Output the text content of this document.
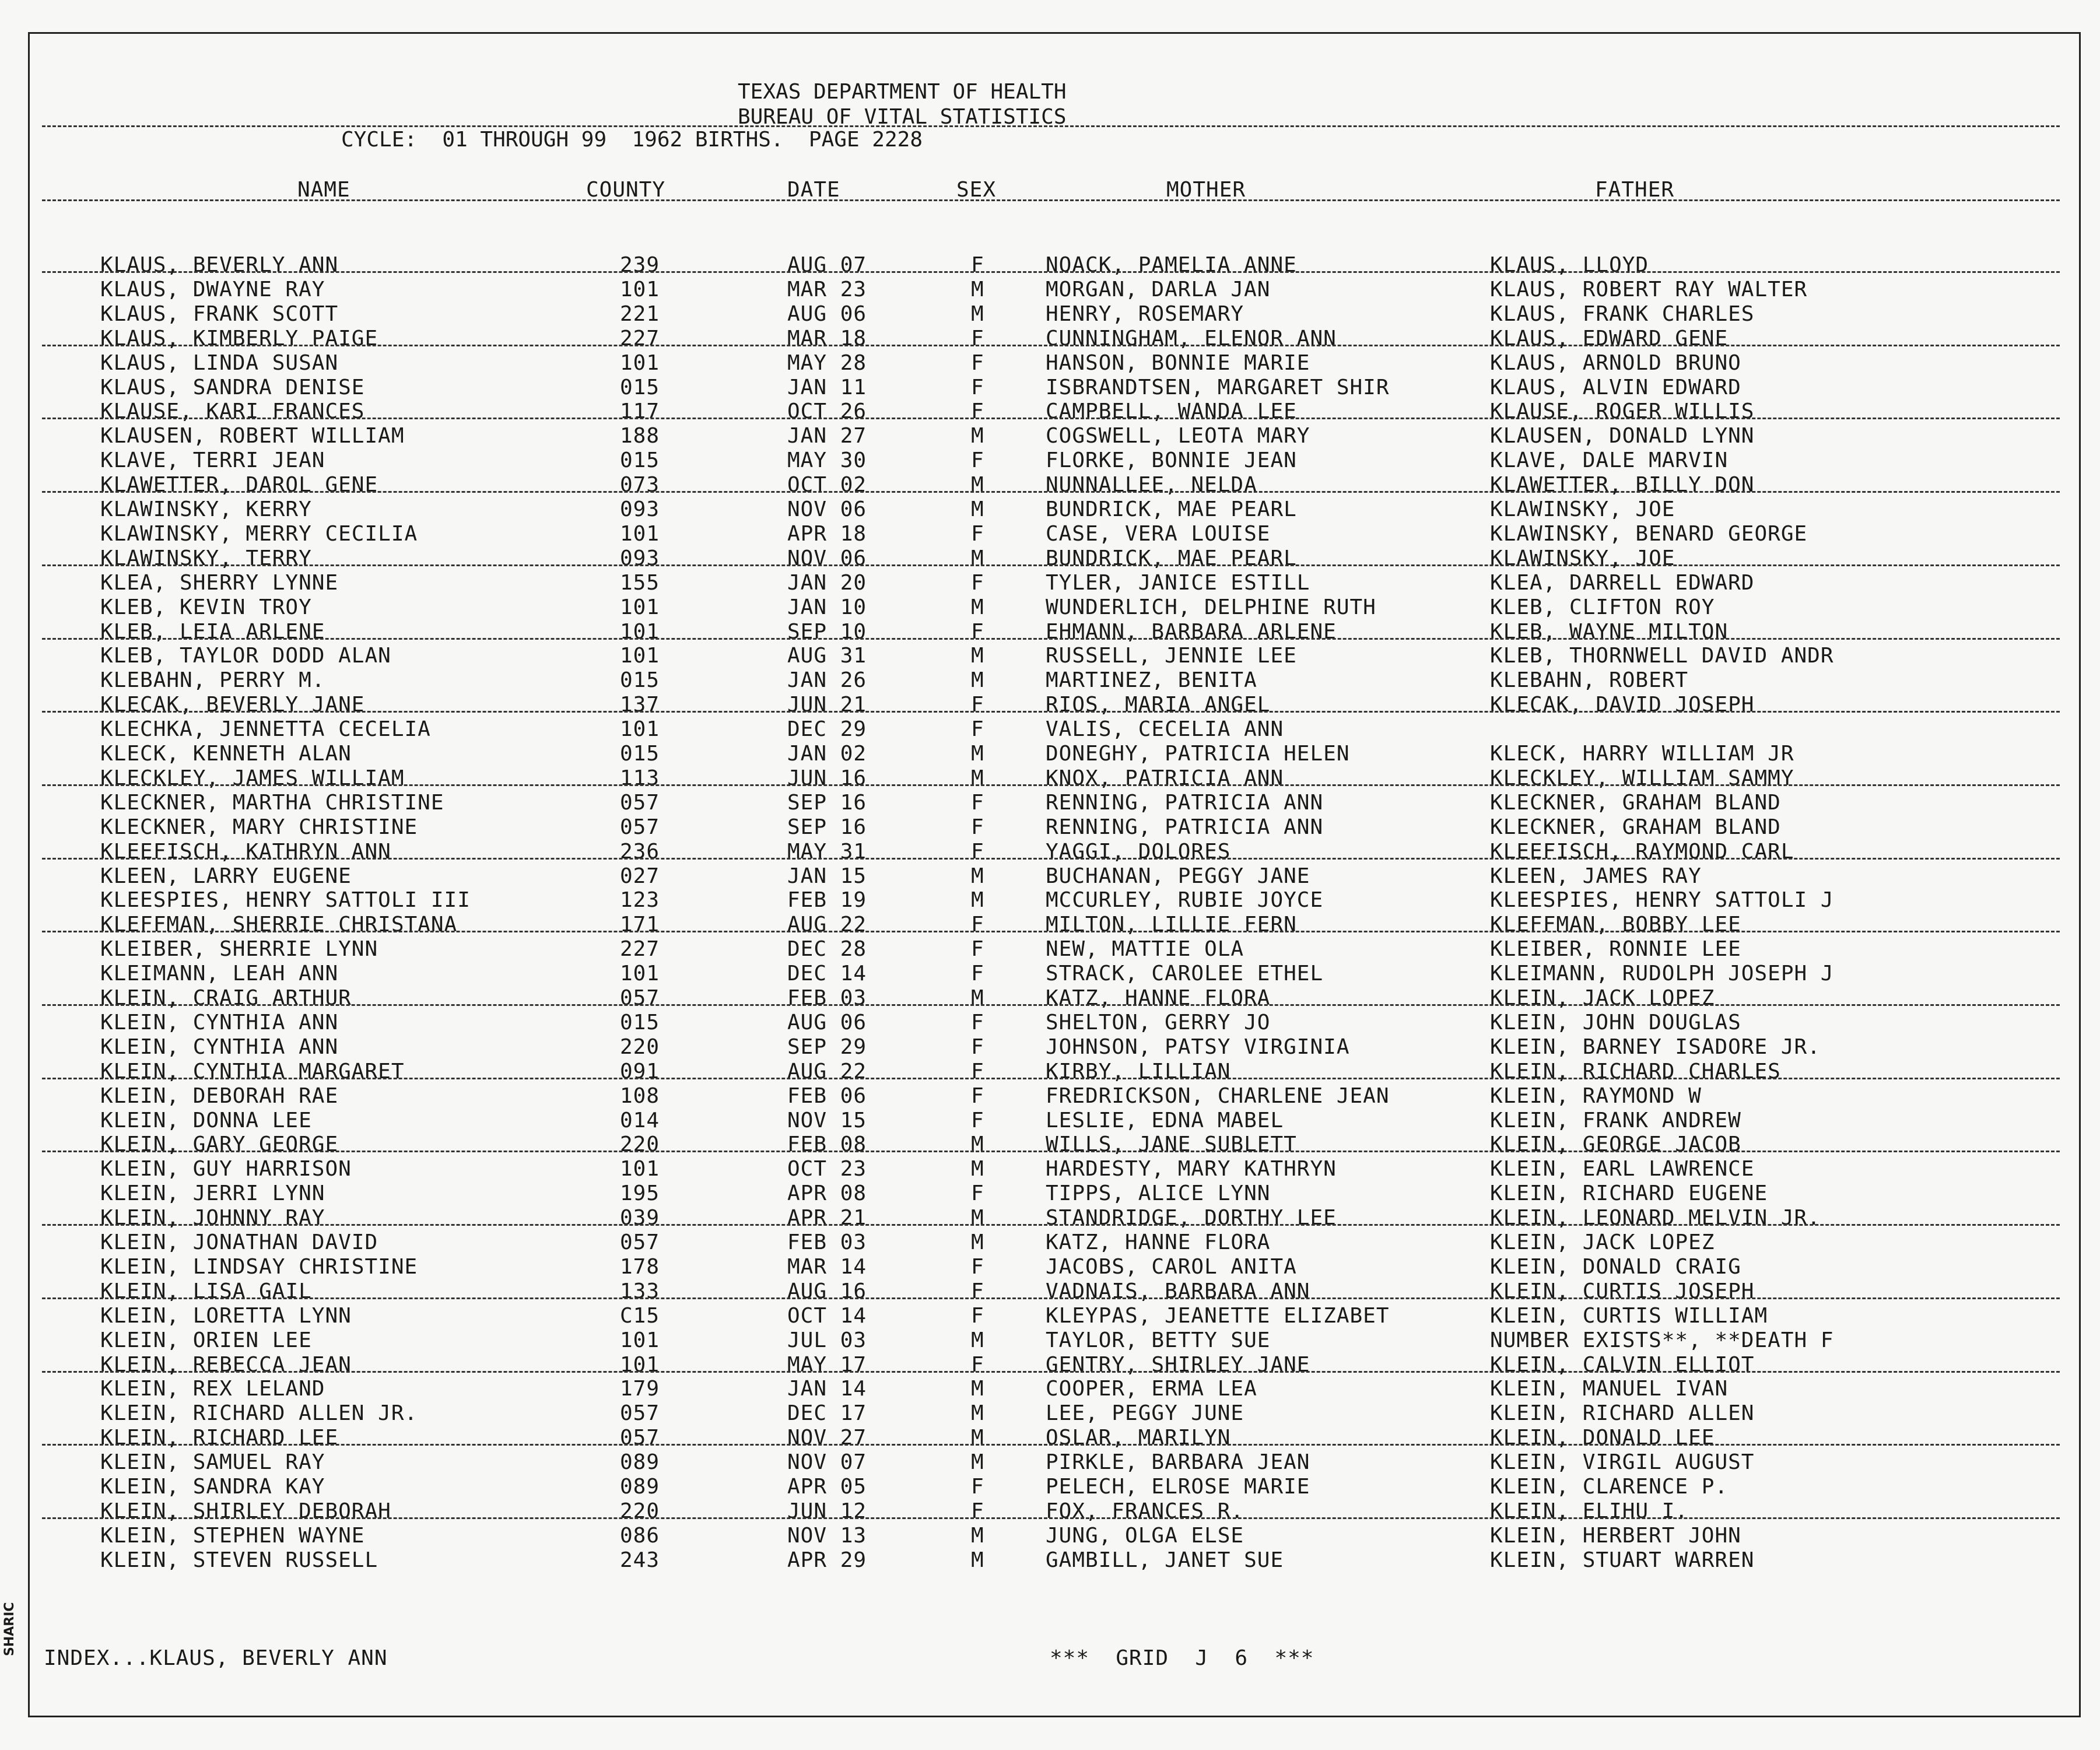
TEXAS DEPARTMENT OF HEALTH
BUREAU OF VITAL STATISTICS
CYCLE:  01 THROUGH 99  1962 BIRTHS.  PAGE 2228
NAME	COUNTY	DATE	SEX	MOTHER	FATHER
KLAUS, BEVERLY ANN	239	AUG 07	F	NOACK, PAMELIA ANNE	KLAUS, LLOYD
KLAUS, DWAYNE RAY	101	MAR 23	M	MORGAN, DARLA JAN	KLAUS, ROBERT RAY WALTER
KLAUS, FRANK SCOTT	221	AUG 06	M	HENRY, ROSEMARY	KLAUS, FRANK CHARLES
KLAUS, KIMBERLY PAIGE	227	MAR 18	F	CUNNINGHAM, ELENOR ANN	KLAUS, EDWARD GENE
KLAUS, LINDA SUSAN	101	MAY 28	F	HANSON, BONNIE MARIE	KLAUS, ARNOLD BRUNO
KLAUS, SANDRA DENISE	015	JAN 11	F	ISBRANDTSEN, MARGARET SHIR	KLAUS, ALVIN EDWARD
KLAUSE, KARI FRANCES	117	OCT 26	F	CAMPBELL, WANDA LEE	KLAUSE, ROGER WILLIS
KLAUSEN, ROBERT WILLIAM	188	JAN 27	M	COGSWELL, LEOTA MARY	KLAUSEN, DONALD LYNN
KLAVE, TERRI JEAN	015	MAY 30	F	FLORKE, BONNIE JEAN	KLAVE, DALE MARVIN
KLAWETTER, DAROL GENE	073	OCT 02	M	NUNNALLEE, NELDA	KLAWETTER, BILLY DON
KLAWINSKY, KERRY	093	NOV 06	M	BUNDRICK, MAE PEARL	KLAWINSKY, JOE
KLAWINSKY, MERRY CECILIA	101	APR 18	F	CASE, VERA LOUISE	KLAWINSKY, BENARD GEORGE
KLAWINSKY, TERRY	093	NOV 06	M	BUNDRICK, MAE PEARL	KLAWINSKY, JOE
KLEA, SHERRY LYNNE	155	JAN 20	F	TYLER, JANICE ESTILL	KLEA, DARRELL EDWARD
KLEB, KEVIN TROY	101	JAN 10	M	WUNDERLICH, DELPHINE RUTH	KLEB, CLIFTON ROY
KLEB, LEIA ARLENE	101	SEP 10	F	EHMANN, BARBARA ARLENE	KLEB, WAYNE MILTON
KLEB, TAYLOR DODD ALAN	101	AUG 31	M	RUSSELL, JENNIE LEE	KLEB, THORNWELL DAVID ANDR
KLEBAHN, PERRY M.	015	JAN 26	M	MARTINEZ, BENITA	KLEBAHN, ROBERT
KLECAK, BEVERLY JANE	137	JUN 21	F	RIOS, MARIA ANGEL	KLECAK, DAVID JOSEPH
KLECHKA, JENNETTA CECELIA	101	DEC 29	F	VALIS, CECELIA ANN
KLECK, KENNETH ALAN	015	JAN 02	M	DONEGHY, PATRICIA HELEN	KLECK, HARRY WILLIAM JR
KLECKLEY, JAMES WILLIAM	113	JUN 16	M	KNOX, PATRICIA ANN	KLECKLEY, WILLIAM SAMMY
KLECKNER, MARTHA CHRISTINE	057	SEP 16	F	RENNING, PATRICIA ANN	KLECKNER, GRAHAM BLAND
KLECKNER, MARY CHRISTINE	057	SEP 16	F	RENNING, PATRICIA ANN	KLECKNER, GRAHAM BLAND
KLEEFISCH, KATHRYN ANN	236	MAY 31	F	YAGGI, DOLORES	KLEEFISCH, RAYMOND CARL
KLEEN, LARRY EUGENE	027	JAN 15	M	BUCHANAN, PEGGY JANE	KLEEN, JAMES RAY
KLEESPIES, HENRY SATTOLI III	123	FEB 19	M	MCCURLEY, RUBIE JOYCE	KLEESPIES, HENRY SATTOLI J
KLEFFMAN, SHERRIE CHRISTANA	171	AUG 22	F	MILTON, LILLIE FERN	KLEFFMAN, BOBBY LEE
KLEIBER, SHERRIE LYNN	227	DEC 28	F	NEW, MATTIE OLA	KLEIBER, RONNIE LEE
KLEIMANN, LEAH ANN	101	DEC 14	F	STRACK, CAROLEE ETHEL	KLEIMANN, RUDOLPH JOSEPH J
KLEIN, CRAIG ARTHUR	057	FEB 03	M	KATZ, HANNE FLORA	KLEIN, JACK LOPEZ
KLEIN, CYNTHIA ANN	015	AUG 06	F	SHELTON, GERRY JO	KLEIN, JOHN DOUGLAS
KLEIN, CYNTHIA ANN	220	SEP 29	F	JOHNSON, PATSY VIRGINIA	KLEIN, BARNEY ISADORE JR.
KLEIN, CYNTHIA MARGARET	091	AUG 22	F	KIRBY, LILLIAN	KLEIN, RICHARD CHARLES
KLEIN, DEBORAH RAE	108	FEB 06	F	FREDRICKSON, CHARLENE JEAN	KLEIN, RAYMOND W
KLEIN, DONNA LEE	014	NOV 15	F	LESLIE, EDNA MABEL	KLEIN, FRANK ANDREW
KLEIN, GARY GEORGE	220	FEB 08	M	WILLS, JANE SUBLETT	KLEIN, GEORGE JACOB
KLEIN, GUY HARRISON	101	OCT 23	M	HARDESTY, MARY KATHRYN	KLEIN, EARL LAWRENCE
KLEIN, JERRI LYNN	195	APR 08	F	TIPPS, ALICE LYNN	KLEIN, RICHARD EUGENE
KLEIN, JOHNNY RAY	039	APR 21	M	STANDRIDGE, DORTHY LEE	KLEIN, LEONARD MELVIN JR.
KLEIN, JONATHAN DAVID	057	FEB 03	M	KATZ, HANNE FLORA	KLEIN, JACK LOPEZ
KLEIN, LINDSAY CHRISTINE	178	MAR 14	F	JACOBS, CAROL ANITA	KLEIN, DONALD CRAIG
KLEIN, LISA GAIL	133	AUG 16	F	VADNAIS, BARBARA ANN	KLEIN, CURTIS JOSEPH
KLEIN, LORETTA LYNN	C15	OCT 14	F	KLEYPAS, JEANETTE ELIZABET	KLEIN, CURTIS WILLIAM
KLEIN, ORIEN LEE	101	JUL 03	M	TAYLOR, BETTY SUE	NUMBER EXISTS**, **DEATH F
KLEIN, REBECCA JEAN	101	MAY 17	F	GENTRY, SHIRLEY JANE	KLEIN, CALVIN ELLIOT
KLEIN, REX LELAND	179	JAN 14	M	COOPER, ERMA LEA	KLEIN, MANUEL IVAN
KLEIN, RICHARD ALLEN JR.	057	DEC 17	M	LEE, PEGGY JUNE	KLEIN, RICHARD ALLEN
KLEIN, RICHARD LEE	057	NOV 27	M	OSLAR, MARILYN	KLEIN, DONALD LEE
KLEIN, SAMUEL RAY	089	NOV 07	M	PIRKLE, BARBARA JEAN	KLEIN, VIRGIL AUGUST
KLEIN, SANDRA KAY	089	APR 05	F	PELECH, ELROSE MARIE	KLEIN, CLARENCE P.
KLEIN, SHIRLEY DEBORAH	220	JUN 12	F	FOX, FRANCES R.	KLEIN, ELIHU I.
KLEIN, STEPHEN WAYNE	086	NOV 13	M	JUNG, OLGA ELSE	KLEIN, HERBERT JOHN
KLEIN, STEVEN RUSSELL	243	APR 29	M	GAMBILL, JANET SUE	KLEIN, STUART WARREN
INDEX...KLAUS, BEVERLY ANN	***  GRID  J  6  ***
SHARIC
